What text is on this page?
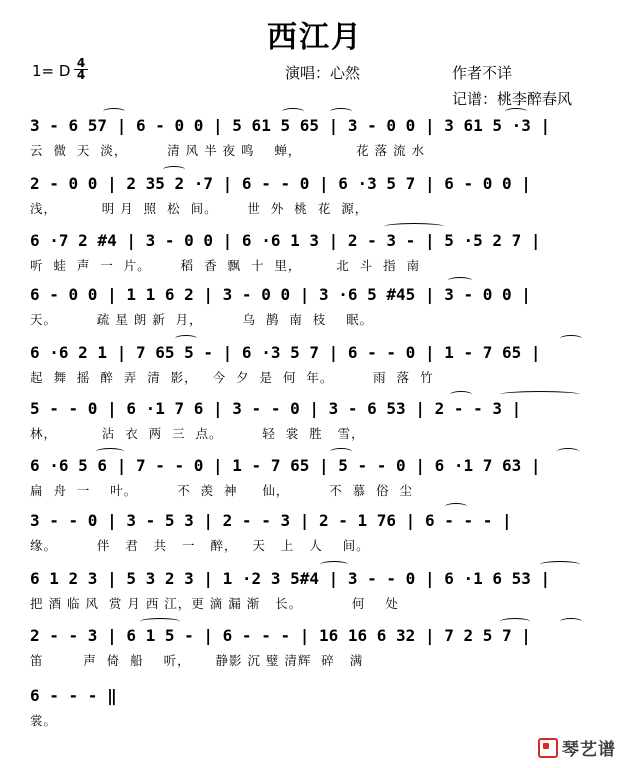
西江月
1= D $\frac{4}{4}$	演唱：心然	作者不详
记谱：桃李醉春风
3 - 6 57 | 6 - 0 0 | 5 61 5 65 | 3 - 0 0 | 3 61 5 ·3 |
云  微  天  淡，        清 风 半 夜 鸣    蝉，           花 落 流 水
2 - 0 0 | 2 35 2 ·7 | 6 - - 0 | 6 ·3 5 7 | 6 - 0 0 |
浅，         明 月  照  松  间。      世  外  桃  花  源，
6 ·7 2 #4 | 3 - 0 0 | 6 ·6 1 3 | 2 - 3 - | 5 ·5 2 7 |
听  蛙  声  一  片。      稻  香  飘  十  里，       北  斗  指  南
6 - 0 0 | 1 1 6 2 | 3 - 0 0 | 3 ·6 5 #45 | 3 - 0 0 |
天。        疏 星 朗 新  月，        乌  鹊  南  枝    眠。
6 ·6 2 1 | 7 65 5 - | 6 ·3 5 7 | 6 - - 0 | 1 - 7 65 |
起  舞  摇  醉  弄  清  影，   今  夕  是  何  年。        雨  落  竹
5 - - 0 | 6 ·1 7 6 | 3 - - 0 | 3 - 6 53 | 2 - - 3 |
林，         沾  衣  两  三  点。        轻  裳  胜   雪，
6 ·6 5 6 | 7 - - 0 | 1 - 7 65 | 5 - - 0 | 6 ·1 7 63 |
扁  舟  一    叶。        不  羡  神     仙，        不  慕  俗  尘
3 - - 0 | 3 - 5 3 | 2 - - 3 | 2 - 1 76 | 6 - - - |
缘。        伴   君   共   一   醉，   天   上   人    间。
6 1 2 3 | 5 3 2 3 | 1 ·2 3 5#4 | 3 - - 0 | 6 ·1 6 53 |
把 酒 临 风  赏 月 西 江，更 滴 漏 渐   长。          何    处
2 - - 3 | 6 1 5 - | 6 - - - | 16 16 6 32 | 7 2 5 7 |
笛        声  倚  船    听，     静影 沉 璧 清辉  碎   满
6 - - - ‖
裳。
琴艺谱
